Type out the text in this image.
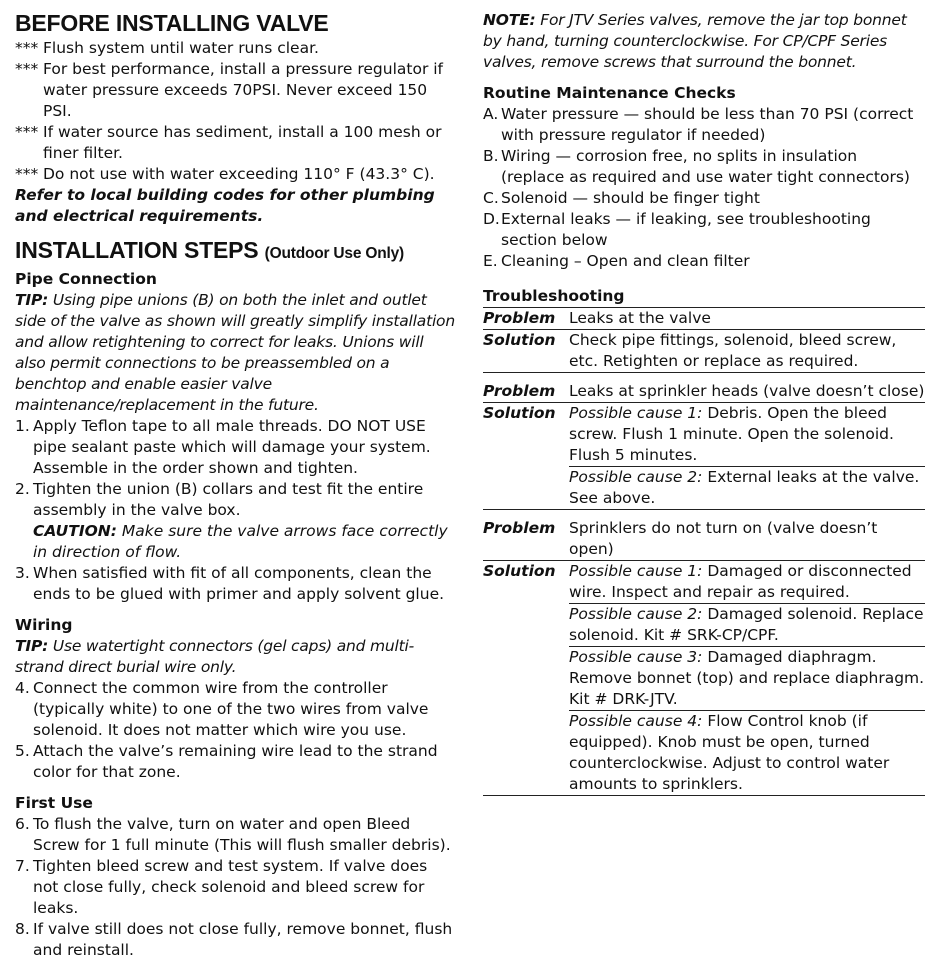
BEFORE INSTALLING VALVE
*** Flush system until water runs clear.
*** For best performance, install a pressure regulator if water pressure exceeds 70PSI. Never exceed 150 PSI.
*** If water source has sediment, install a 100 mesh or finer filter.
*** Do not use with water exceeding 110° F (43.3° C).

Refer to local building codes for other plumbing and electrical requirements.

INSTALLATION STEPS (Outdoor Use Only)

Pipe Connection

TIP: Using pipe unions (B) on both the inlet and outlet side of the valve as shown will greatly simplify installation and allow retightening to correct for leaks. Unions will also permit connections to be preassembled on a benchtop and enable easier valve maintenance/replacement in the future.

1. Apply Teflon tape to all male threads. DO NOT USE pipe sealant paste which will damage your system. Assemble in the order shown and tighten.
2. Tighten the union (B) collars and test fit the entire assembly in the valve box.

CAUTION: Make sure the valve arrows face correctly in direction of flow.

3. When satisfied with fit of all components, clean the ends to be glued with primer and apply solvent glue.

Wiring

TIP: Use watertight connectors (gel caps) and multi-strand direct burial wire only.

4. Connect the common wire from the controller (typically white) to one of the two wires from valve solenoid. It does not matter which wire you use.
5. Attach the valve’s remaining wire lead to the strand color for that zone.

First Use

6. To flush the valve, turn on water and open Bleed Screw for 1 full minute (This will flush smaller debris).
7. Tighten bleed screw and test system. If valve does not close fully, check solenoid and bleed screw for leaks.
8. If valve still does not close fully, remove bonnet, flush and reinstall.

NOTE: For JTV Series valves, remove the jar top bonnet by hand, turning counterclockwise. For CP/CPF Series valves, remove screws that surround the bonnet.

Routine Maintenance Checks

A. Water pressure — should be less than 70 PSI (correct with pressure regulator if needed)
B. Wiring — corrosion free, no splits in insulation (replace as required and use water tight connectors)
C. Solenoid — should be finger tight
D. External leaks — if leaking, see troubleshooting section below
E. Cleaning – Open and clean filter

Troubleshooting

Problem Leaks at the valve
Solution Check pipe fittings, solenoid, bleed screw, etc. Retighten or replace as required.
Problem Leaks at sprinkler heads (valve doesn’t close)
Solution Possible cause 1: Debris. Open the bleed screw. Flush 1 minute. Open the solenoid. Flush 5 minutes.
Possible cause 2: External leaks at the valve. See above.
Problem Sprinklers do not turn on (valve doesn’t open)
Solution Possible cause 1: Damaged or disconnected wire. Inspect and repair as required.
Possible cause 2: Damaged solenoid. Replace solenoid. Kit # SRK-CP/CPF.
Possible cause 3: Damaged diaphragm. Remove bonnet (top) and replace diaphragm. Kit # DRK-JTV.
Possible cause 4: Flow Control knob (if equipped). Knob must be open, turned counterclockwise. Adjust to control water amounts to sprinklers.
